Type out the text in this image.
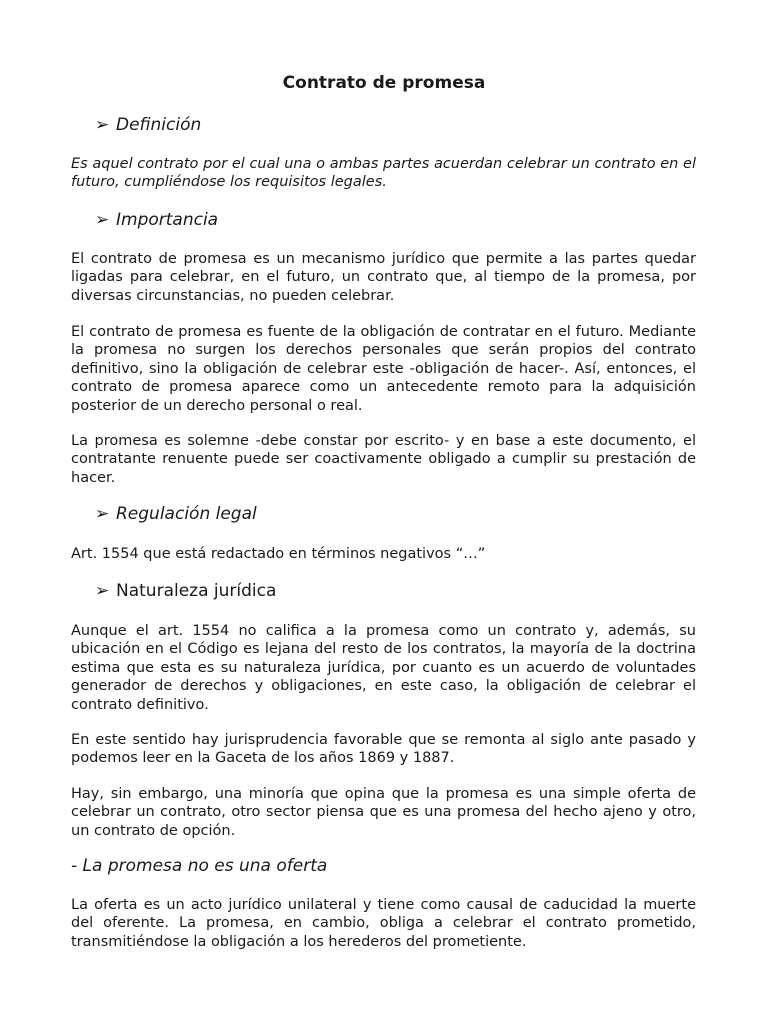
Contrato de promesa
➢ Definición
Es aquel contrato por el cual una o ambas partes acuerdan celebrar un contrato en el futuro, cumpliéndose los requisitos legales.
➢ Importancia
El contrato de promesa es un mecanismo jurídico que permite a las partes quedar ligadas para celebrar, en el futuro, un contrato que, al tiempo de la promesa, por diversas circunstancias, no pueden celebrar.
El contrato de promesa es fuente de la obligación de contratar en el futuro. Mediante la promesa no surgen los derechos personales que serán propios del contrato definitivo, sino la obligación de celebrar este -obligación de hacer-. Así, entonces, el contrato de promesa aparece como un antecedente remoto para la adquisición posterior de un derecho personal o real.
La promesa es solemne -debe constar por escrito- y en base a este documento, el contratante renuente puede ser coactivamente obligado a cumplir su prestación de hacer.
➢ Regulación legal
Art. 1554 que está redactado en términos negativos “…”
➢ Naturaleza jurídica
Aunque el art. 1554 no califica a la promesa como un contrato y, además, su ubicación en el Código es lejana del resto de los contratos, la mayoría de la doctrina estima que esta es su naturaleza jurídica, por cuanto es un acuerdo de voluntades generador de derechos y obligaciones, en este caso, la obligación de celebrar el contrato definitivo.
En este sentido hay jurisprudencia favorable que se remonta al siglo ante pasado y podemos leer en la Gaceta de los años 1869 y 1887.
Hay, sin embargo, una minoría que opina que la promesa es una simple oferta de celebrar un contrato, otro sector piensa que es una promesa del hecho ajeno y otro, un contrato de opción.
- La promesa no es una oferta
La oferta es un acto jurídico unilateral y tiene como causal de caducidad la muerte del oferente. La promesa, en cambio, obliga a celebrar el contrato prometido, transmitiéndose la obligación a los herederos del prometiente.
